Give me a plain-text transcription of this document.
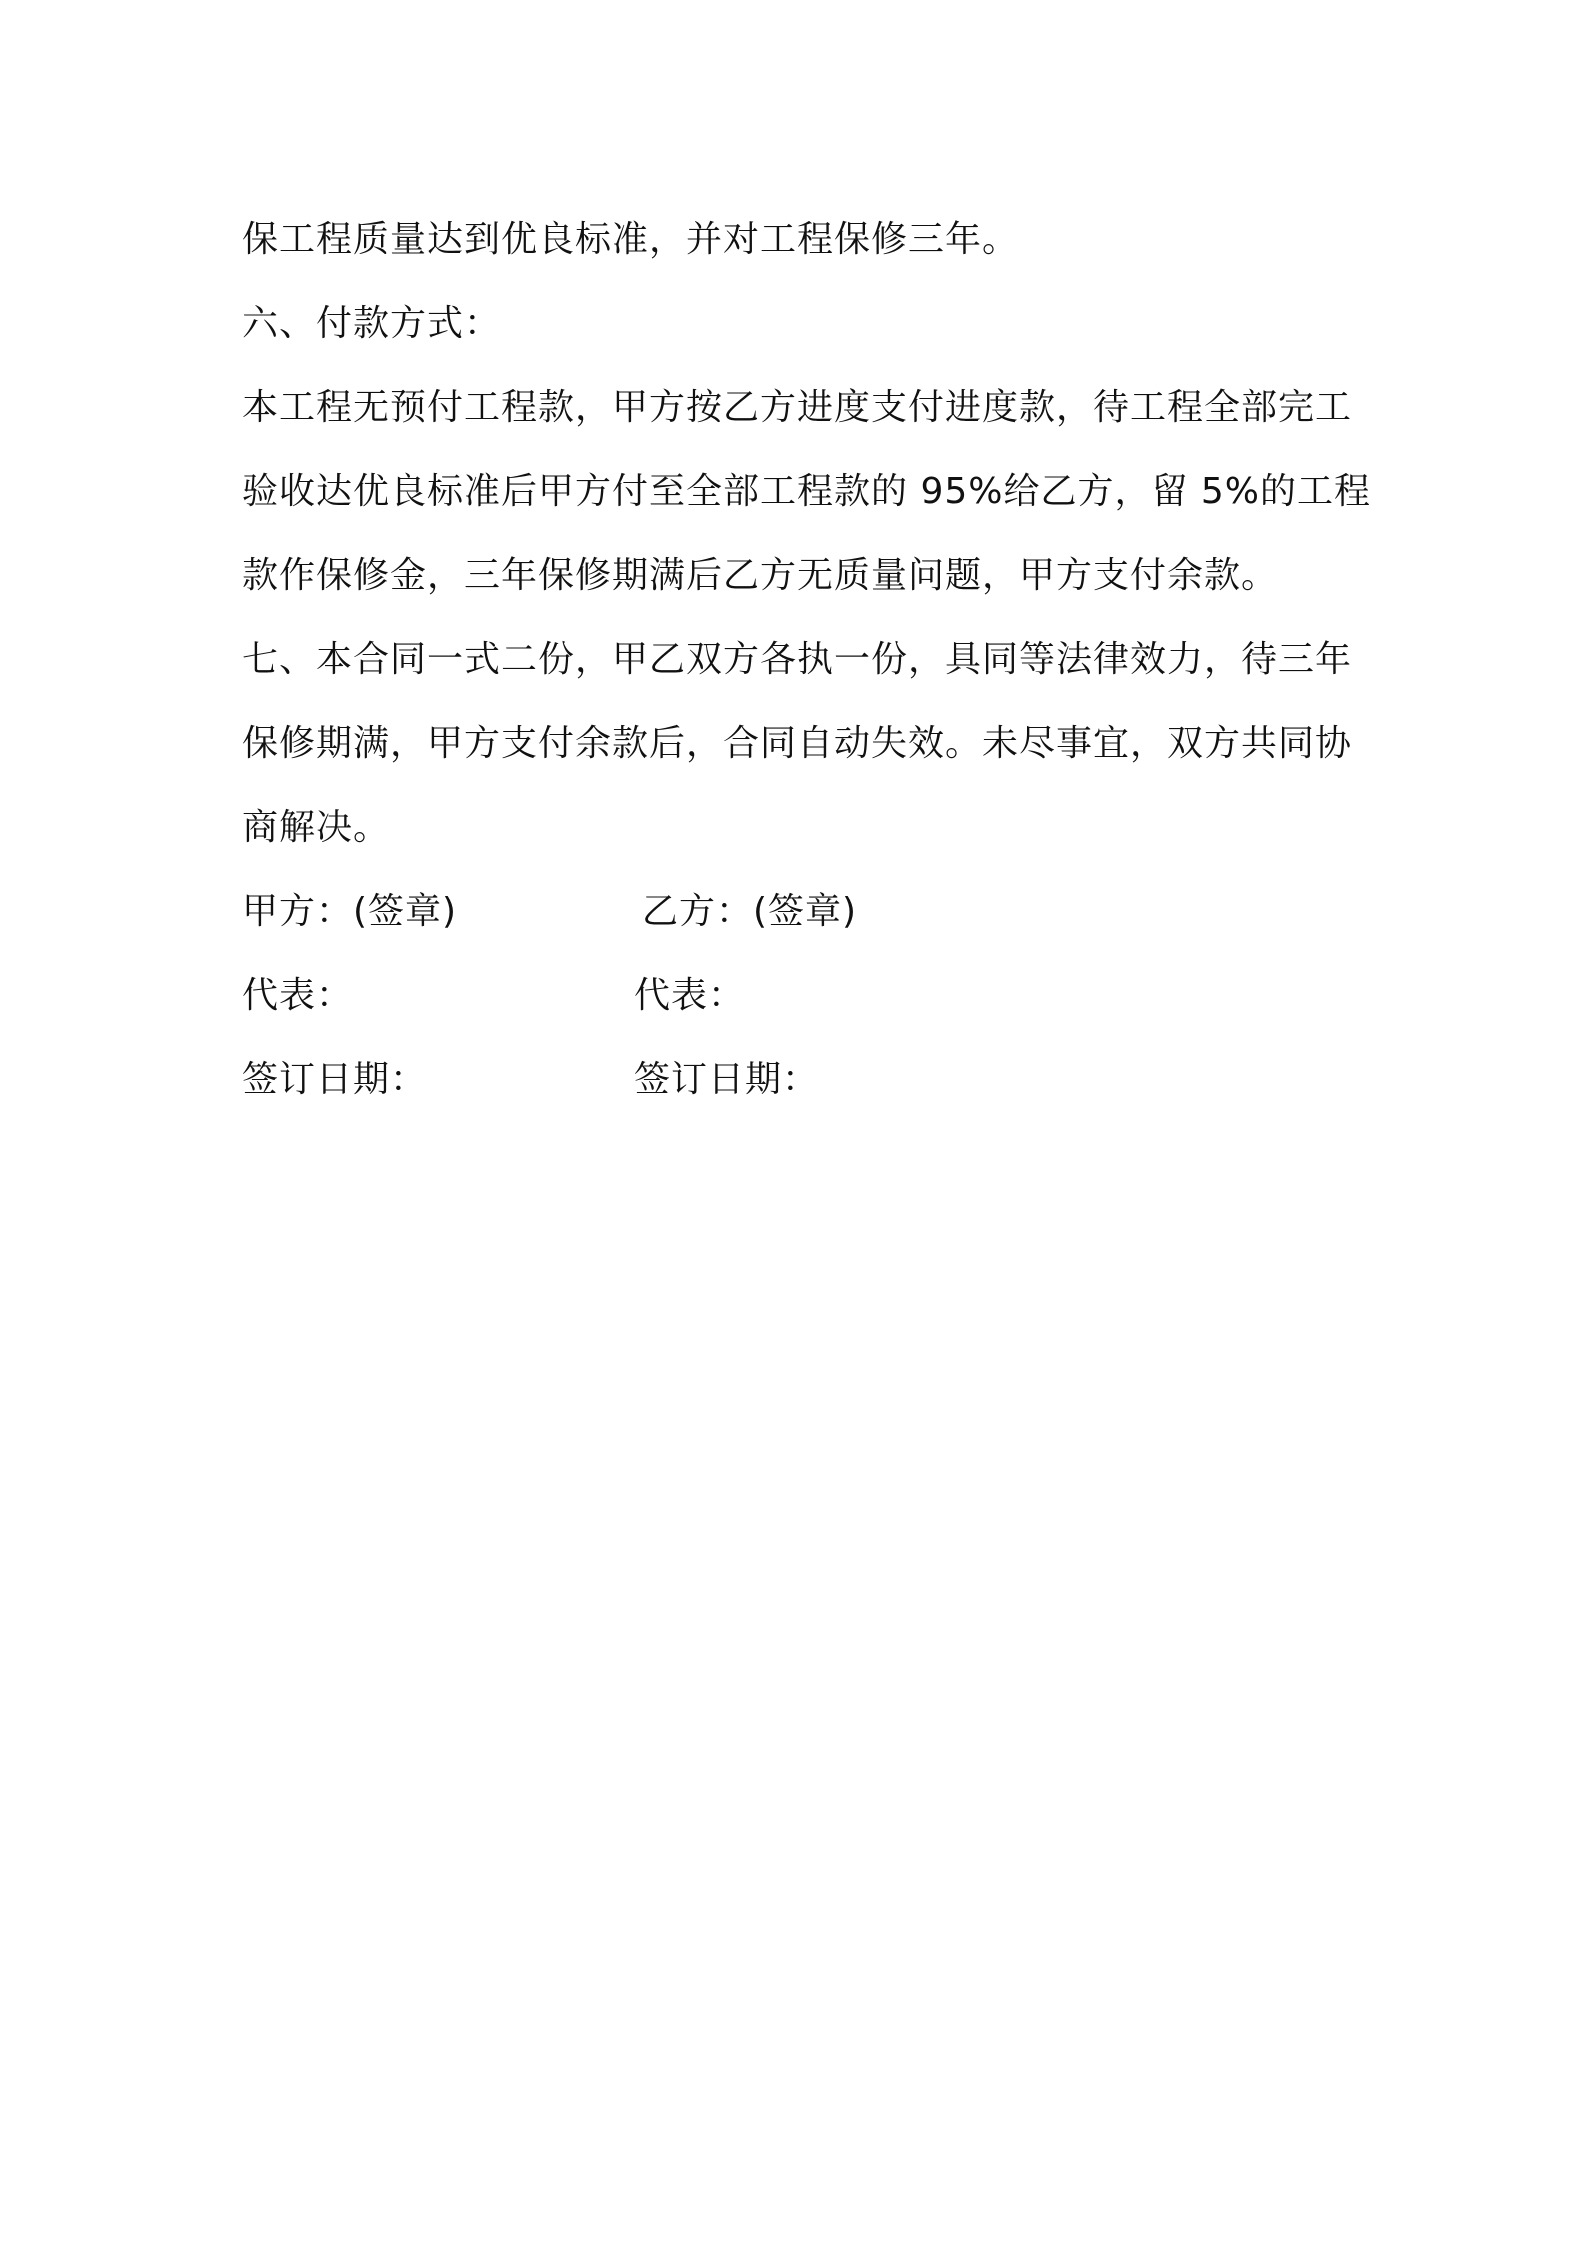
保工程质量达到优良标准，并对工程保修三年。

六、付款方式：

本工程无预付工程款，甲方按乙方进度支付进度款，待工程全部完工
验收达优良标准后甲方付至全部工程款的 95%给乙方，留 5%的工程
款作保修金，三年保修期满后乙方无质量问题，甲方支付余款。

七、本合同一式二份，甲乙双方各执一份，具同等法律效力，待三年
保修期满，甲方支付余款后，合同自动失效。未尽事宜，双方共同协
商解决。

甲方：(签章)	乙方：(签章)
代表：	代表：
签订日期：	签订日期：
